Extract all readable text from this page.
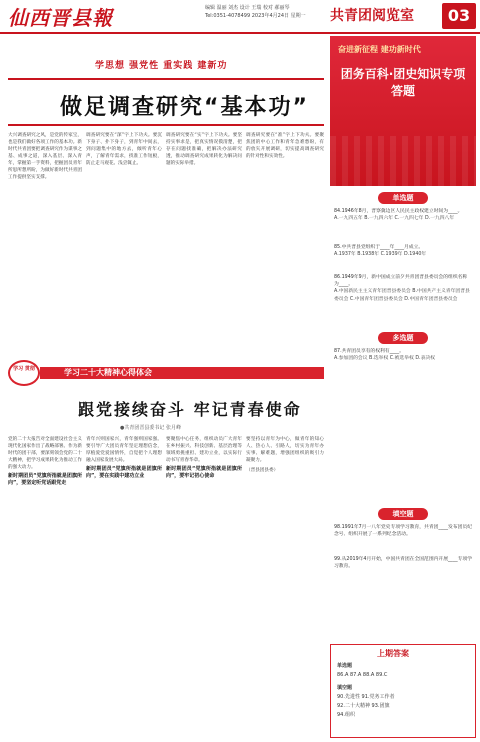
仙西晋县報	编辑 温丽 刘杰 设计 王瑞 校对 郝丽琴
Tel:0351-4078499 2023年4月24日 星期一 共青团阅览室	03
学思想 强党性 重实践 建新功
做足调查研究“基本功”
大兴调查研究之风，是党的传家宝，也是我们做好各项工作的基本功。新时代共青团要把调查研究作为谋事之基、成事之道，深入基层、深入青年，掌握第一手资料，把握团员青年所思所想所盼，为做好新时代共青团工作提供坚实支撑。
调查研究要在“深”字上下功夫。要沉下身子、扑下身子，到青年中间去，到问题集中的地方去，倾听青年心声，了解青年需求，找准工作短板，防止走马观花、浅尝辄止。
调查研究要在“实”字上下功夫。要坚持实事求是，把真实情况摸清楚，把存在问题找准确，把解决办法研究透，推动调查研究成果转化为解决问题的实际举措。
调查研究要在“准”字上下功夫。要聚焦团的中心工作和青年急难愁盼，有的放矢开展调研，切实提高调查研究的针对性和实效性。
学习 贯彻	学习二十大精神心得体会
跟党接续奋斗 牢记青春使命
●共青团晋县委书记 张月峰
党的二十大报告对全面建设社会主义现代化国家作出了战略部署。作为新时代的团干部，要深刻领会党的二十大精神，把学习成果转化为推动工作的强大动力。
新时期团员“党旗所指就是团旗所向”，要坚定听党话跟党走
青年兴则国家兴，青年强则国家强。要引导广大团员青年坚定理想信念，厚植爱党爱国情怀，自觉把个人理想融入国家发展大局。
新时期团员“党旗所指就是团旗所向”，要在实践中建功立业
要聚焦中心任务，组织动员广大青年在乡村振兴、科技创新、基层治理等领域勇挑重担、建功立业，以实际行动书写青春华章。
新时期团员“党旗所指就是团旗所向”，要牢记初心使命
要坚持以青年为中心，做青年的知心人、热心人、引路人，切实为青年办实事、解难题，增强团组织的吸引力凝聚力。
（晋县团县委）
奋进新征程 建功新时代
团务百科·团史知识专项答题
单选题
84.1946年8月，晋察冀边区人民民主政权建立时间为____。
A.一九四五年 B.一九四六年 C.一九四七年 D.一九四八年
85.中共晋县党组织于____年____月成立。
A.1937年 B.1938年 C.1939年 D.1940年
86.1949年9月，新中国成立前夕共青团晋县委员会的组织名称为____。
A.中国新民主主义青年团晋县委员会 B.中国共产主义青年团晋县委员会 C.中国青年团晋县委员会 D.中国青年团晋县委员会
多选题
87.共青团员享有的权利有____。
A.参加团的会议 B.选举权 C.被选举权 D.表决权
填空题
98.1991年7月一八年党史专项学习教育，共青团____发布团员纪念号、组织开展了一系列纪念活动。
99.从2019年4月开始，中国共青团在全国范围内开展____专项学习教育。
上期答案
单选题
86.A 87.A 88.A 89.C
填空题
90.先进性 91.党务工作者
92.二十大精神 93.团旗
94.组织
